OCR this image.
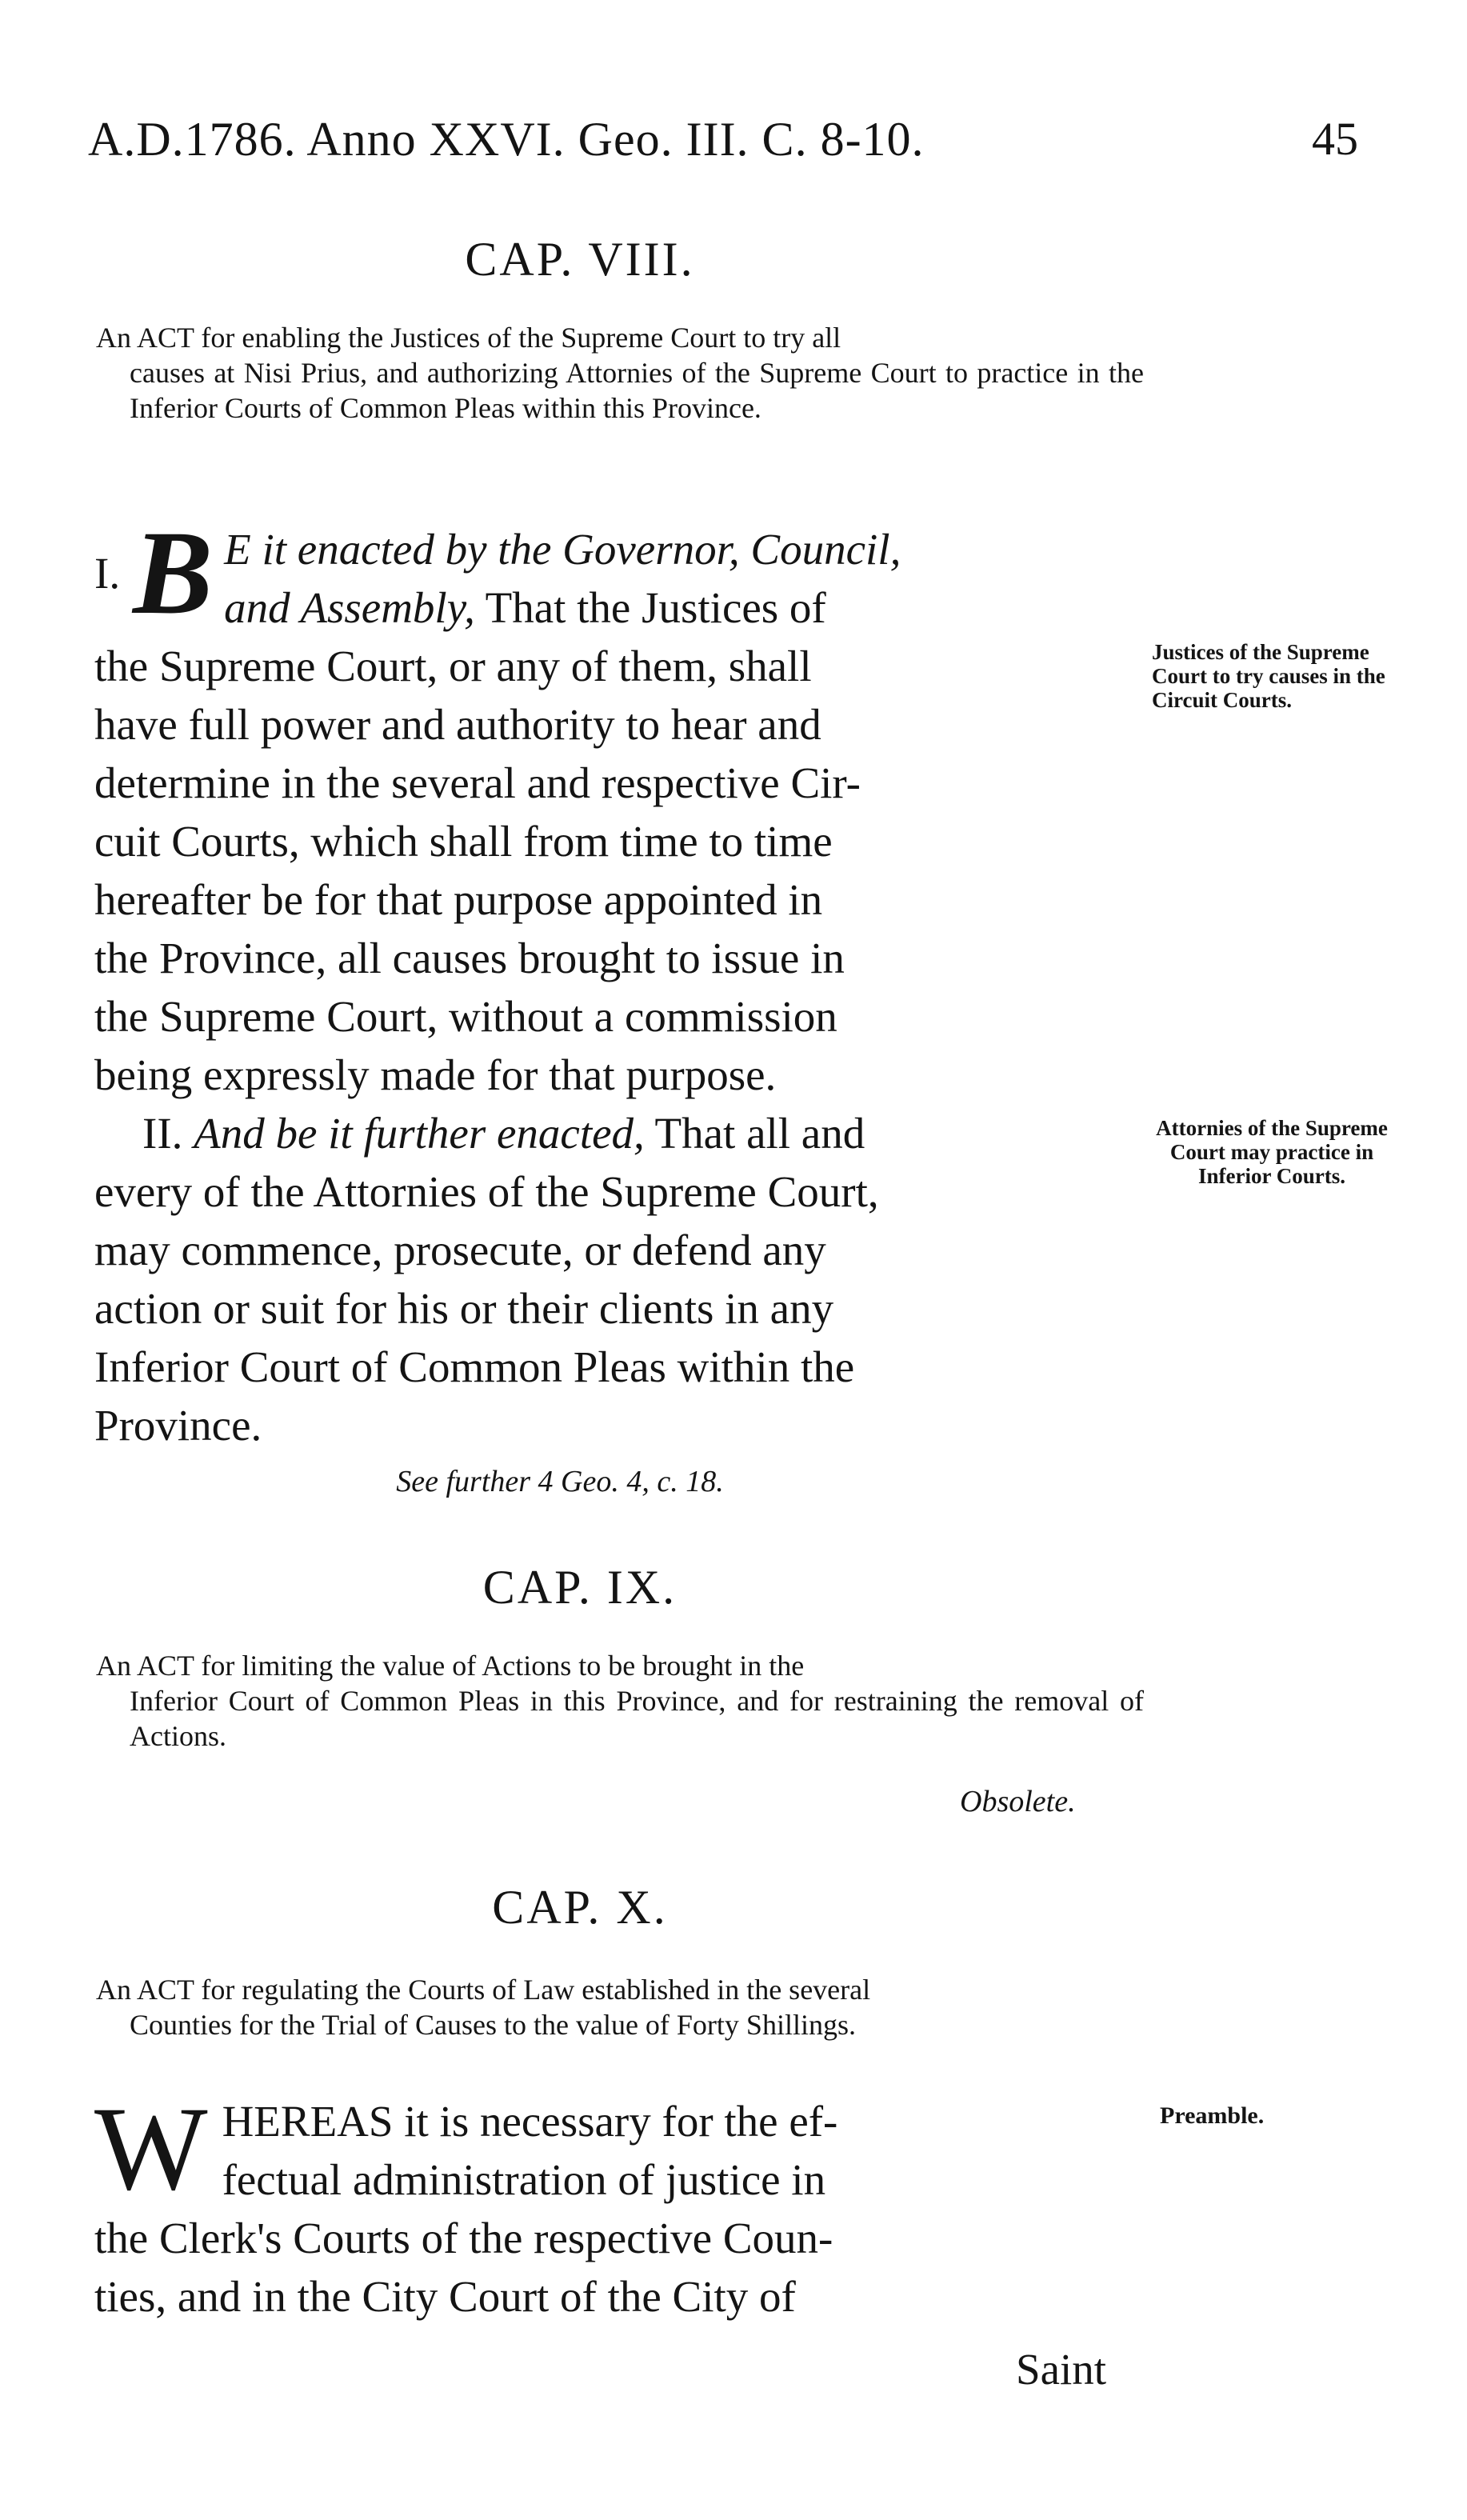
A.D.1786. Anno XXVI. Geo. III. C. 8-10.	45
CAP. VIII.
An ACT for enabling the Justices of the Supreme Court to try all
causes at Nisi Prius, and authorizing Attornies of the Supreme Court to practice in the Inferior Courts of Common Pleas within this Province.
I. B E it enacted by the Governor, Council,
and Assembly, That the Justices of
the Supreme Court, or any of them, shall
have full power and authority to hear and
determine in the several and respective Cir-
cuit Courts, which shall from time to time
hereafter be for that purpose appointed in
the Province, all causes brought to issue in
the Supreme Court, without a commission
being expressly made for that purpose.
Justices of the Supreme Court to try causes in the Circuit Courts.
II. And be it further enacted, That all and
every of the Attornies of the Supreme Court,
may commence, prosecute, or defend any
action or suit for his or their clients in any
Inferior Court of Common Pleas within the
Province.
Attornies of the Supreme Court may practice in Inferior Courts.
See further 4 Geo. 4, c. 18.
CAP. IX.
An ACT for limiting the value of Actions to be brought in the
Inferior Court of Common Pleas in this Province, and for restraining the removal of Actions.
Obsolete.
CAP. X.
An ACT for regulating the Courts of Law established in the several
Counties for the Trial of Causes to the value of Forty Shillings.
W HEREAS it is necessary for the ef-
fectual administration of justice in
the Clerk's Courts of the respective Coun-
ties, and in the City Court of the City of
Preamble.
Saint
